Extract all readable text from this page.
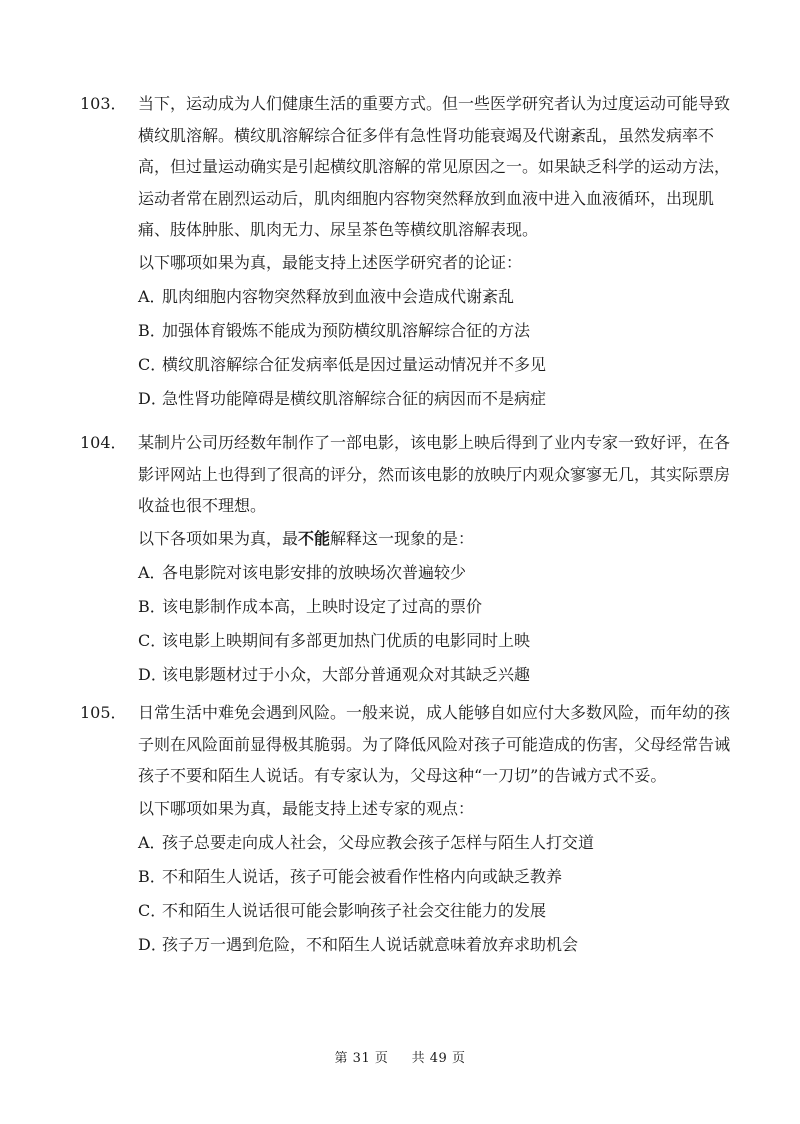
103． 当下，运动成为人们健康生活的重要方式。但一些医学研究者认为过度运动可能导致
横纹肌溶解。横纹肌溶解综合征多伴有急性肾功能衰竭及代谢紊乱，虽然发病率不
高，但过量运动确实是引起横纹肌溶解的常见原因之一。如果缺乏科学的运动方法，
运动者常在剧烈运动后，肌肉细胞内容物突然释放到血液中进入血液循环，出现肌
痛、肢体肿胀、肌肉无力、尿呈茶色等横纹肌溶解表现。
以下哪项如果为真，最能支持上述医学研究者的论证：
A．肌肉细胞内容物突然释放到血液中会造成代谢紊乱
B．加强体育锻炼不能成为预防横纹肌溶解综合征的方法
C．横纹肌溶解综合征发病率低是因过量运动情况并不多见
D．急性肾功能障碍是横纹肌溶解综合征的病因而不是病症
104． 某制片公司历经数年制作了一部电影，该电影上映后得到了业内专家一致好评，在各
影评网站上也得到了很高的评分，然而该电影的放映厅内观众寥寥无几，其实际票房
收益也很不理想。
以下各项如果为真，最不能解释这一现象的是：
A．各电影院对该电影安排的放映场次普遍较少
B．该电影制作成本高，上映时设定了过高的票价
C．该电影上映期间有多部更加热门优质的电影同时上映
D．该电影题材过于小众，大部分普通观众对其缺乏兴趣
105． 日常生活中难免会遇到风险。一般来说，成人能够自如应付大多数风险，而年幼的孩
子则在风险面前显得极其脆弱。为了降低风险对孩子可能造成的伤害，父母经常告诫
孩子不要和陌生人说话。有专家认为，父母这种“一刀切”的告诫方式不妥。
以下哪项如果为真，最能支持上述专家的观点：
A．孩子总要走向成人社会，父母应教会孩子怎样与陌生人打交道
B．不和陌生人说话，孩子可能会被看作性格内向或缺乏教养
C．不和陌生人说话很可能会影响孩子社会交往能力的发展
D．孩子万一遇到危险，不和陌生人说话就意味着放弃求助机会
第 31 页 共 49 页
